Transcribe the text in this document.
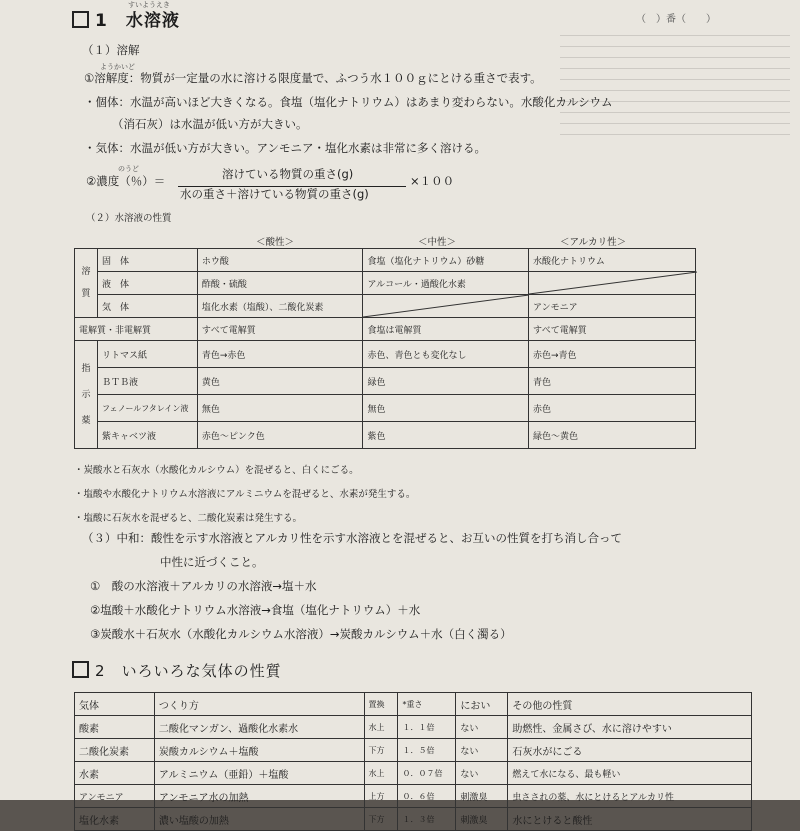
（　）番（　　）
1　 水溶液
すいようえき
（１）溶解
ようかいど
①溶解度：物質が一定量の水に溶ける限度量で、ふつう水１００ｇにとける重さで表す。
・個体：水温が高いほど大きくなる。食塩（塩化ナトリウム）はあまり変わらない。水酸化カルシウム
（消石灰）は水温が低い方が大きい。
・気体：水温が低い方が大きい。アンモニア・塩化水素は非常に多く溶ける。
のうど
②濃度（％）＝	溶けている物質の重さ(g)
水の重さ＋溶けている物質の重さ(g)
×１００
（２）水溶液の性質
＜酸性＞	＜中性＞	＜アルカリ性＞
溶質	固　体	ホウ酸	食塩（塩化ナトリウム）砂糖	水酸化ナトリウム
	液　体	酢酸・硫酸	アルコール・過酸化水素	

	気　体	塩化水素（塩酸）、二酸化炭素		アンモニア
電解質・非電解質		すべて電解質	食塩は電解質	すべて電解質
指示薬	リトマス紙	青色→赤色	赤色、青色とも変化なし	赤色→青色
	ＢＴＢ液	黄色	緑色	青色
	フェノールフタレイン液	無色	無色	赤色
	紫キャベツ液	赤色～ピンク色	紫色	緑色～黄色
・炭酸水と石灰水（水酸化カルシウム）を混ぜると、白くにごる。
・塩酸や水酸化ナトリウム水溶液にアルミニウムを混ぜると、水素が発生する。
・塩酸に石灰水を混ぜると、二酸化炭素は発生する。
（３）中和：酸性を示す水溶液とアルカリ性を示す水溶液とを混ぜると、お互いの性質を打ち消し合って
中性に近づくこと。
①　酸の水溶液＋アルカリの水溶液→塩＋水
②塩酸＋水酸化ナトリウム水溶液→食塩（塩化ナトリウム）＋水
③炭酸水＋石灰水（水酸化カルシウム水溶液）→炭酸カルシウム＋水（白く濁る）
2　 いろいろな気体の性質
気体	つくり方	置換	*重さ	におい	その他の性質
酸素	二酸化マンガン、過酸化水素水	水上	１．１倍	ない	助燃性、金属さび、水に溶けやすい
二酸化炭素	炭酸カルシウム＋塩酸	下方	１．５倍	ない	石灰水がにごる
水素	アルミニウム（亜鉛）＋塩酸	水上	０．０７倍	ない	燃えて水になる、最も軽い
アンモニア	アンモニア水の加熱	上方	０．６倍	刺激臭	虫さされの薬、水にとけるとアルカリ性
塩化水素	濃い塩酸の加熱	下方	１．３倍	刺激臭	水にとけると酸性
